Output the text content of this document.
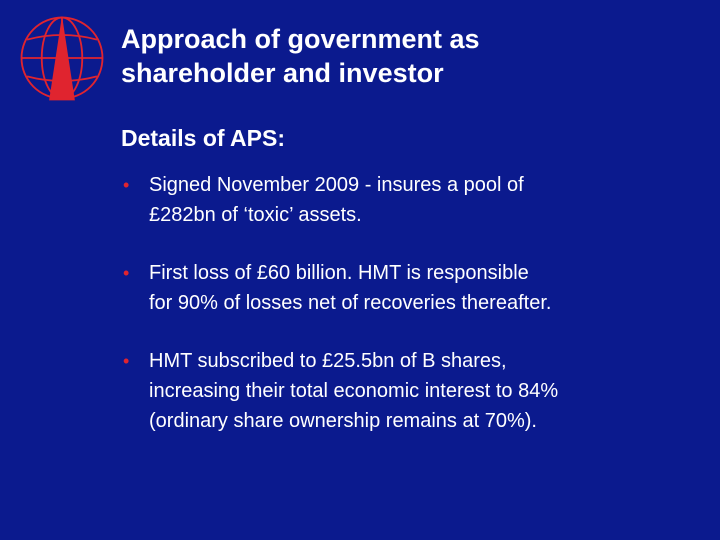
Approach of government as
shareholder and investor
Details of APS:
• Signed November 2009 - insures a pool of
£282bn of ‘toxic’ assets.
• First loss of £60 billion. HMT is responsible
for 90% of losses net of recoveries thereafter.
• HMT subscribed to £25.5bn of B shares,
increasing their total economic interest to 84%
(ordinary share ownership remains at 70%).
